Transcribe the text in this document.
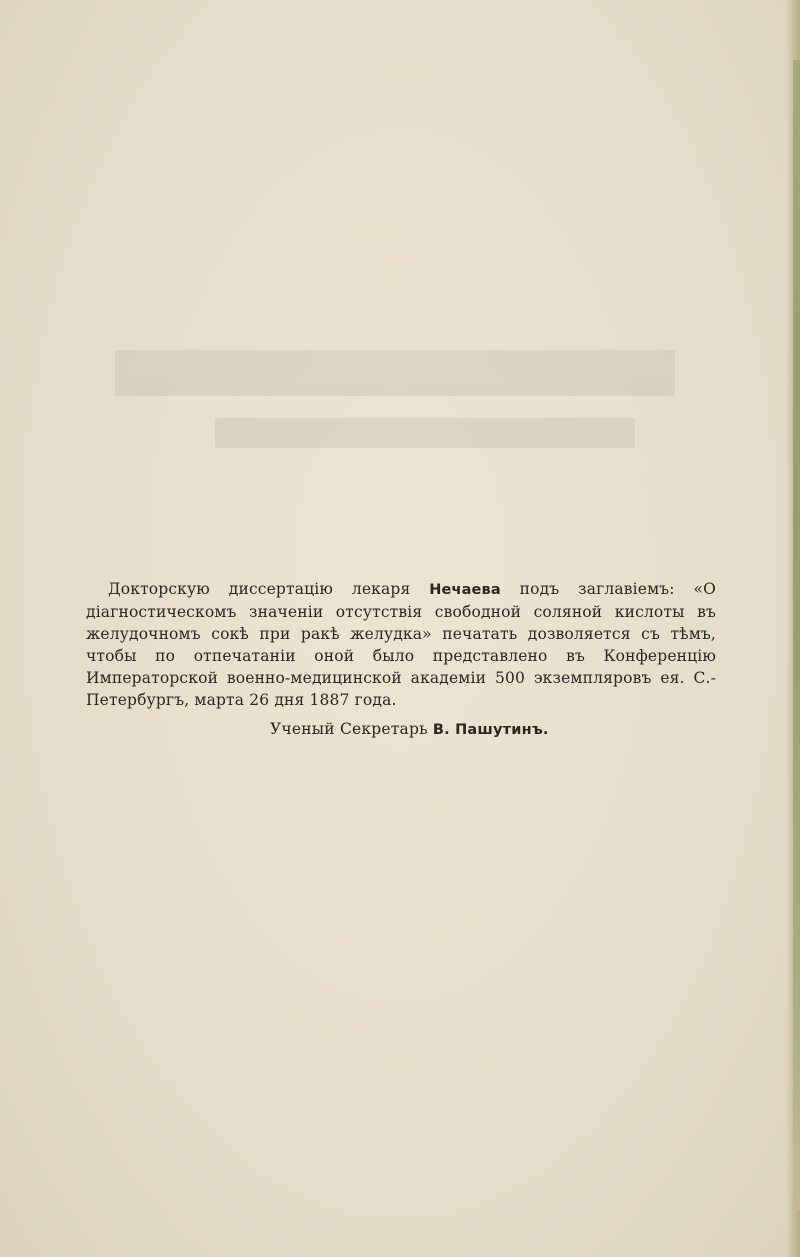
Докторскую диссертацію лекаря Нечаева подъ заглавіемъ: «О діагностическомъ значеніи отсутствія свободной соляной кислоты въ желудочномъ сокѣ при ракѣ желудка» печатать дозволяется съ тѣмъ, чтобы по отпечатаніи оной было представлено въ Конференцію Императорской военно-медицинской академіи 500 экземпляровъ ея. С.-Петербургъ, марта 26 дня 1887 года.

Ученый Секретарь В. Пашутинъ.
